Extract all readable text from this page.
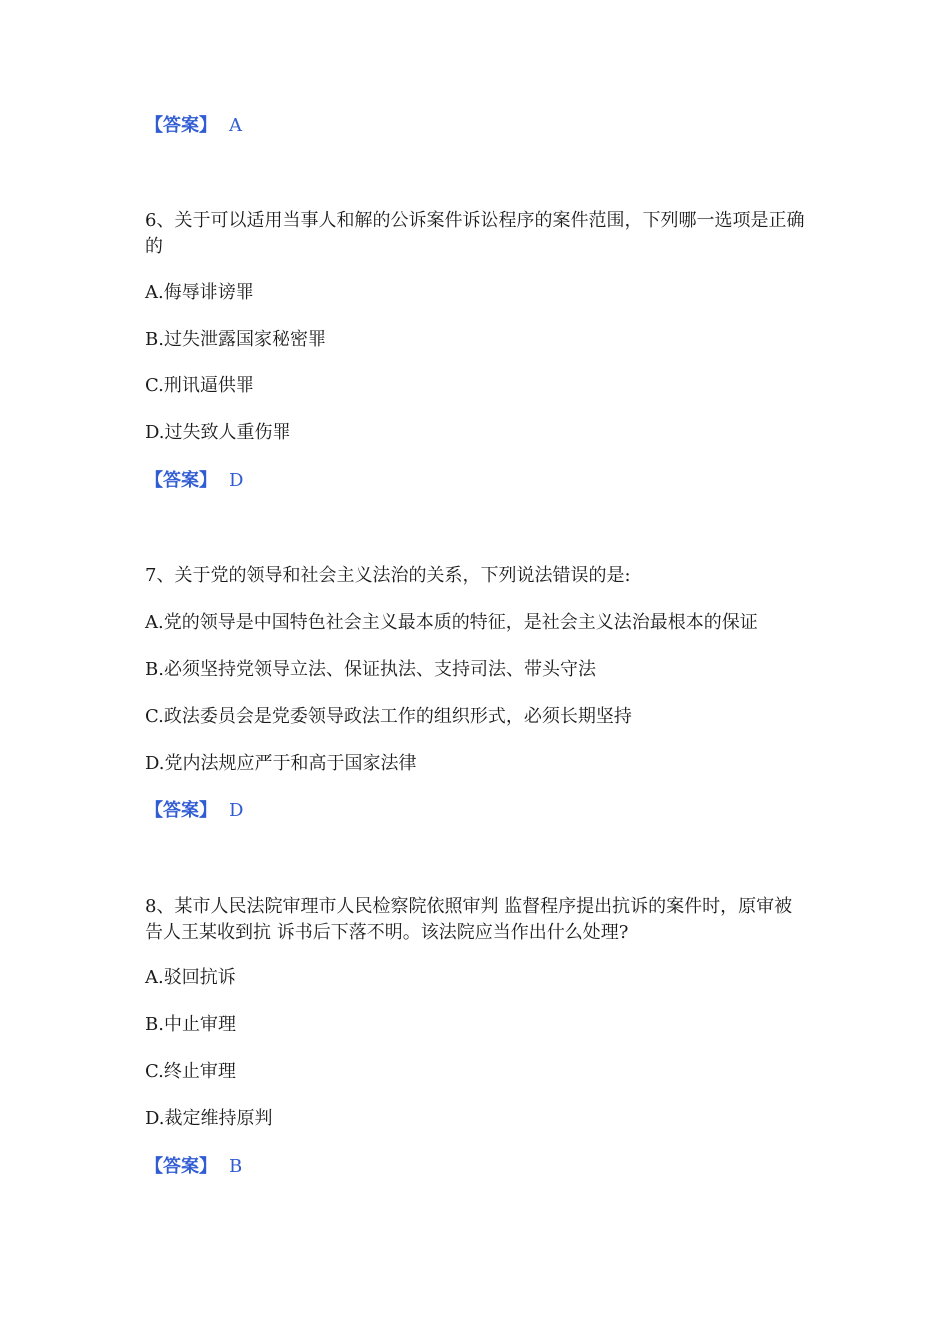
【答案】 A
6、关于可以适用当事人和解的公诉案件诉讼程序的案件范围，下列哪一选项是正确的
A.侮辱诽谤罪
B.过失泄露国家秘密罪
C.刑讯逼供罪
D.过失致人重伤罪
【答案】 D
7、关于党的领导和社会主义法治的关系，下列说法错误的是:
A.党的领导是中国特色社会主义最本质的特征，是社会主义法治最根本的保证
B.必须坚持党领导立法、保证执法、支持司法、带头守法
C.政法委员会是党委领导政法工作的组织形式，必须长期坚持
D.党内法规应严于和高于国家法律
【答案】 D
8、某市人民法院审理市人民检察院依照审判 监督程序提出抗诉的案件时，原审被告人王某收到抗 诉书后下落不明。该法院应当作出什么处理?
A.驳回抗诉
B.中止审理
C.终止审理
D.裁定维持原判
【答案】 B
